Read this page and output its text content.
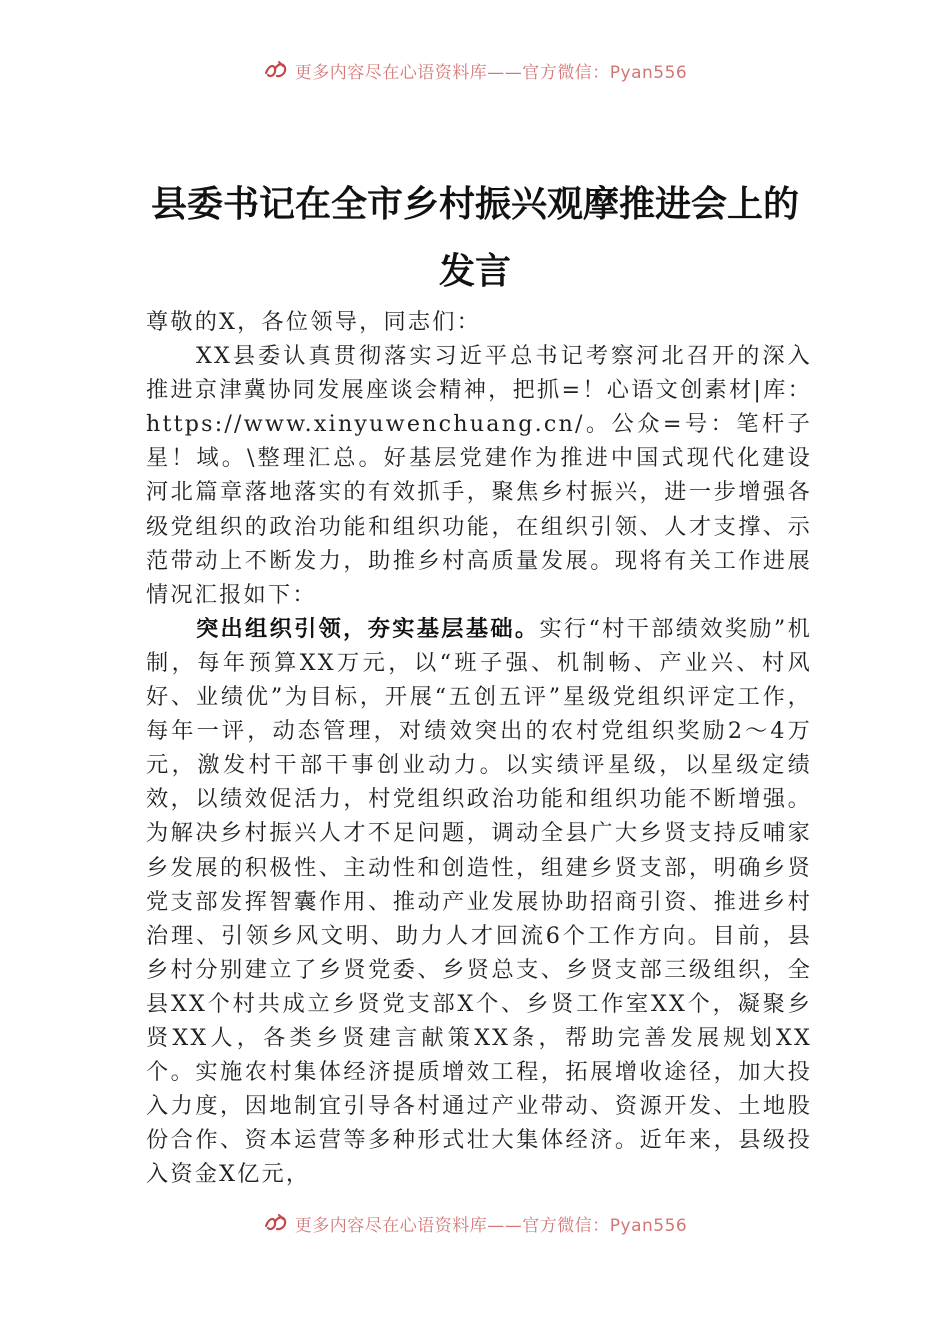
更多内容尽在心语资料库——官方微信：Pyan556
县委书记在全市乡村振兴观摩推进会上的
发言

尊敬的X，各位领导，同志们：

XX县委认真贯彻落实习近平总书记考察河北召开的深入推进京津冀协同发展座谈会精神，把抓=！心语文创素材|库：https://www.xinyuwenchuang.cn/。公众=号：笔杆子星！域。\整理汇总。好基层党建作为推进中国式现代化建设河北篇章落地落实的有效抓手，聚焦乡村振兴，进一步增强各级党组织的政治功能和组织功能，在组织引领、人才支撑、示范带动上不断发力，助推乡村高质量发展。现将有关工作进展情况汇报如下：

突出组织引领，夯实基层基础。实行“村干部绩效奖励”机制，每年预算XX万元，以“班子强、机制畅、产业兴、村风好、业绩优”为目标，开展“五创五评”星级党组织评定工作，每年一评，动态管理，对绩效突出的农村党组织奖励2～4万元，激发村干部干事创业动力。以实绩评星级，以星级定绩效，以绩效促活力，村党组织政治功能和组织功能不断增强。为解决乡村振兴人才不足问题，调动全县广大乡贤支持反哺家乡发展的积极性、主动性和创造性，组建乡贤支部，明确乡贤党支部发挥智囊作用、推动产业发展协助招商引资、推进乡村治理、引领乡风文明、助力人才回流6个工作方向。目前，县乡村分别建立了乡贤党委、乡贤总支、乡贤支部三级组织，全县XX个村共成立乡贤党支部X个、乡贤工作室XX个，凝聚乡贤XX人，各类乡贤建言献策XX条，帮助完善发展规划XX个。实施农村集体经济提质增效工程，拓展增收途径，加大投入力度，因地制宜引导各村通过产业带动、资源开发、土地股份合作、资本运营等多种形式壮大集体经济。近年来，县级投入资金X亿元，

更多内容尽在心语资料库——官方微信：Pyan556
